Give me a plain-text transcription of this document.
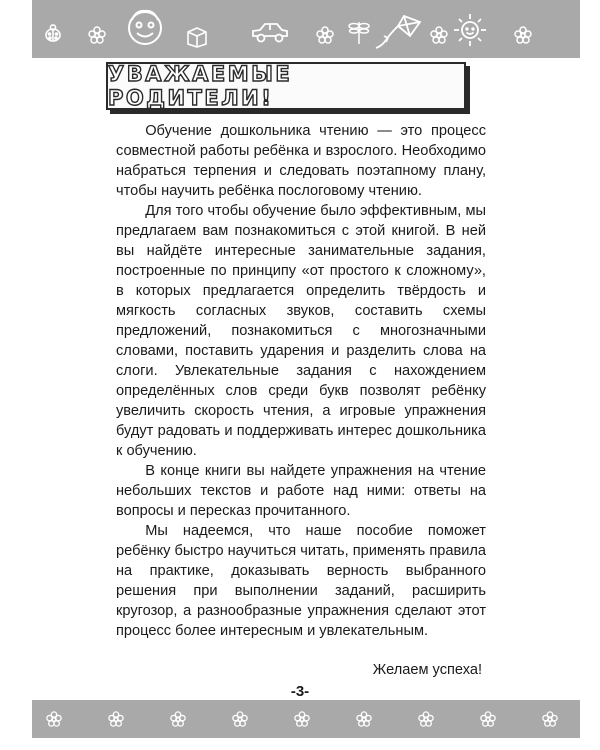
УВАЖАЕМЫЕ РОДИТЕЛИ!

Обучение дошкольника чтению — это процесс совместной работы ребёнка и взрослого. Необходимо набраться терпения и следовать поэтапному плану, чтобы научить ребёнка послоговому чтению.

Для того чтобы обучение было эффективным, мы предлагаем вам познакомиться с этой книгой. В ней вы найдёте интересные занимательные задания, построенные по принципу «от простого к сложному», в которых предлагается определить твёрдость и мягкость согласных звуков, составить схемы предложений, познакомиться с многозначными словами, поставить ударения и разделить слова на слоги. Увлекательные задания с нахождением определённых слов среди букв позволят ребёнку увеличить скорость чтения, а игровые упражнения будут радовать и поддерживать интерес дошкольника к обучению.

В конце книги вы найдете упражнения на чтение небольших текстов и работе над ними: ответы на вопросы и пересказ прочитанного.

Мы надеемся, что наше пособие поможет ребёнку быстро научиться читать, применять правила на практике, доказывать верность выбранного решения при выполнении заданий, расширить кругозор, а разнообразные упражнения сделают этот процесс более интересным и увлекательным.

Желаем успеха!
-3-
